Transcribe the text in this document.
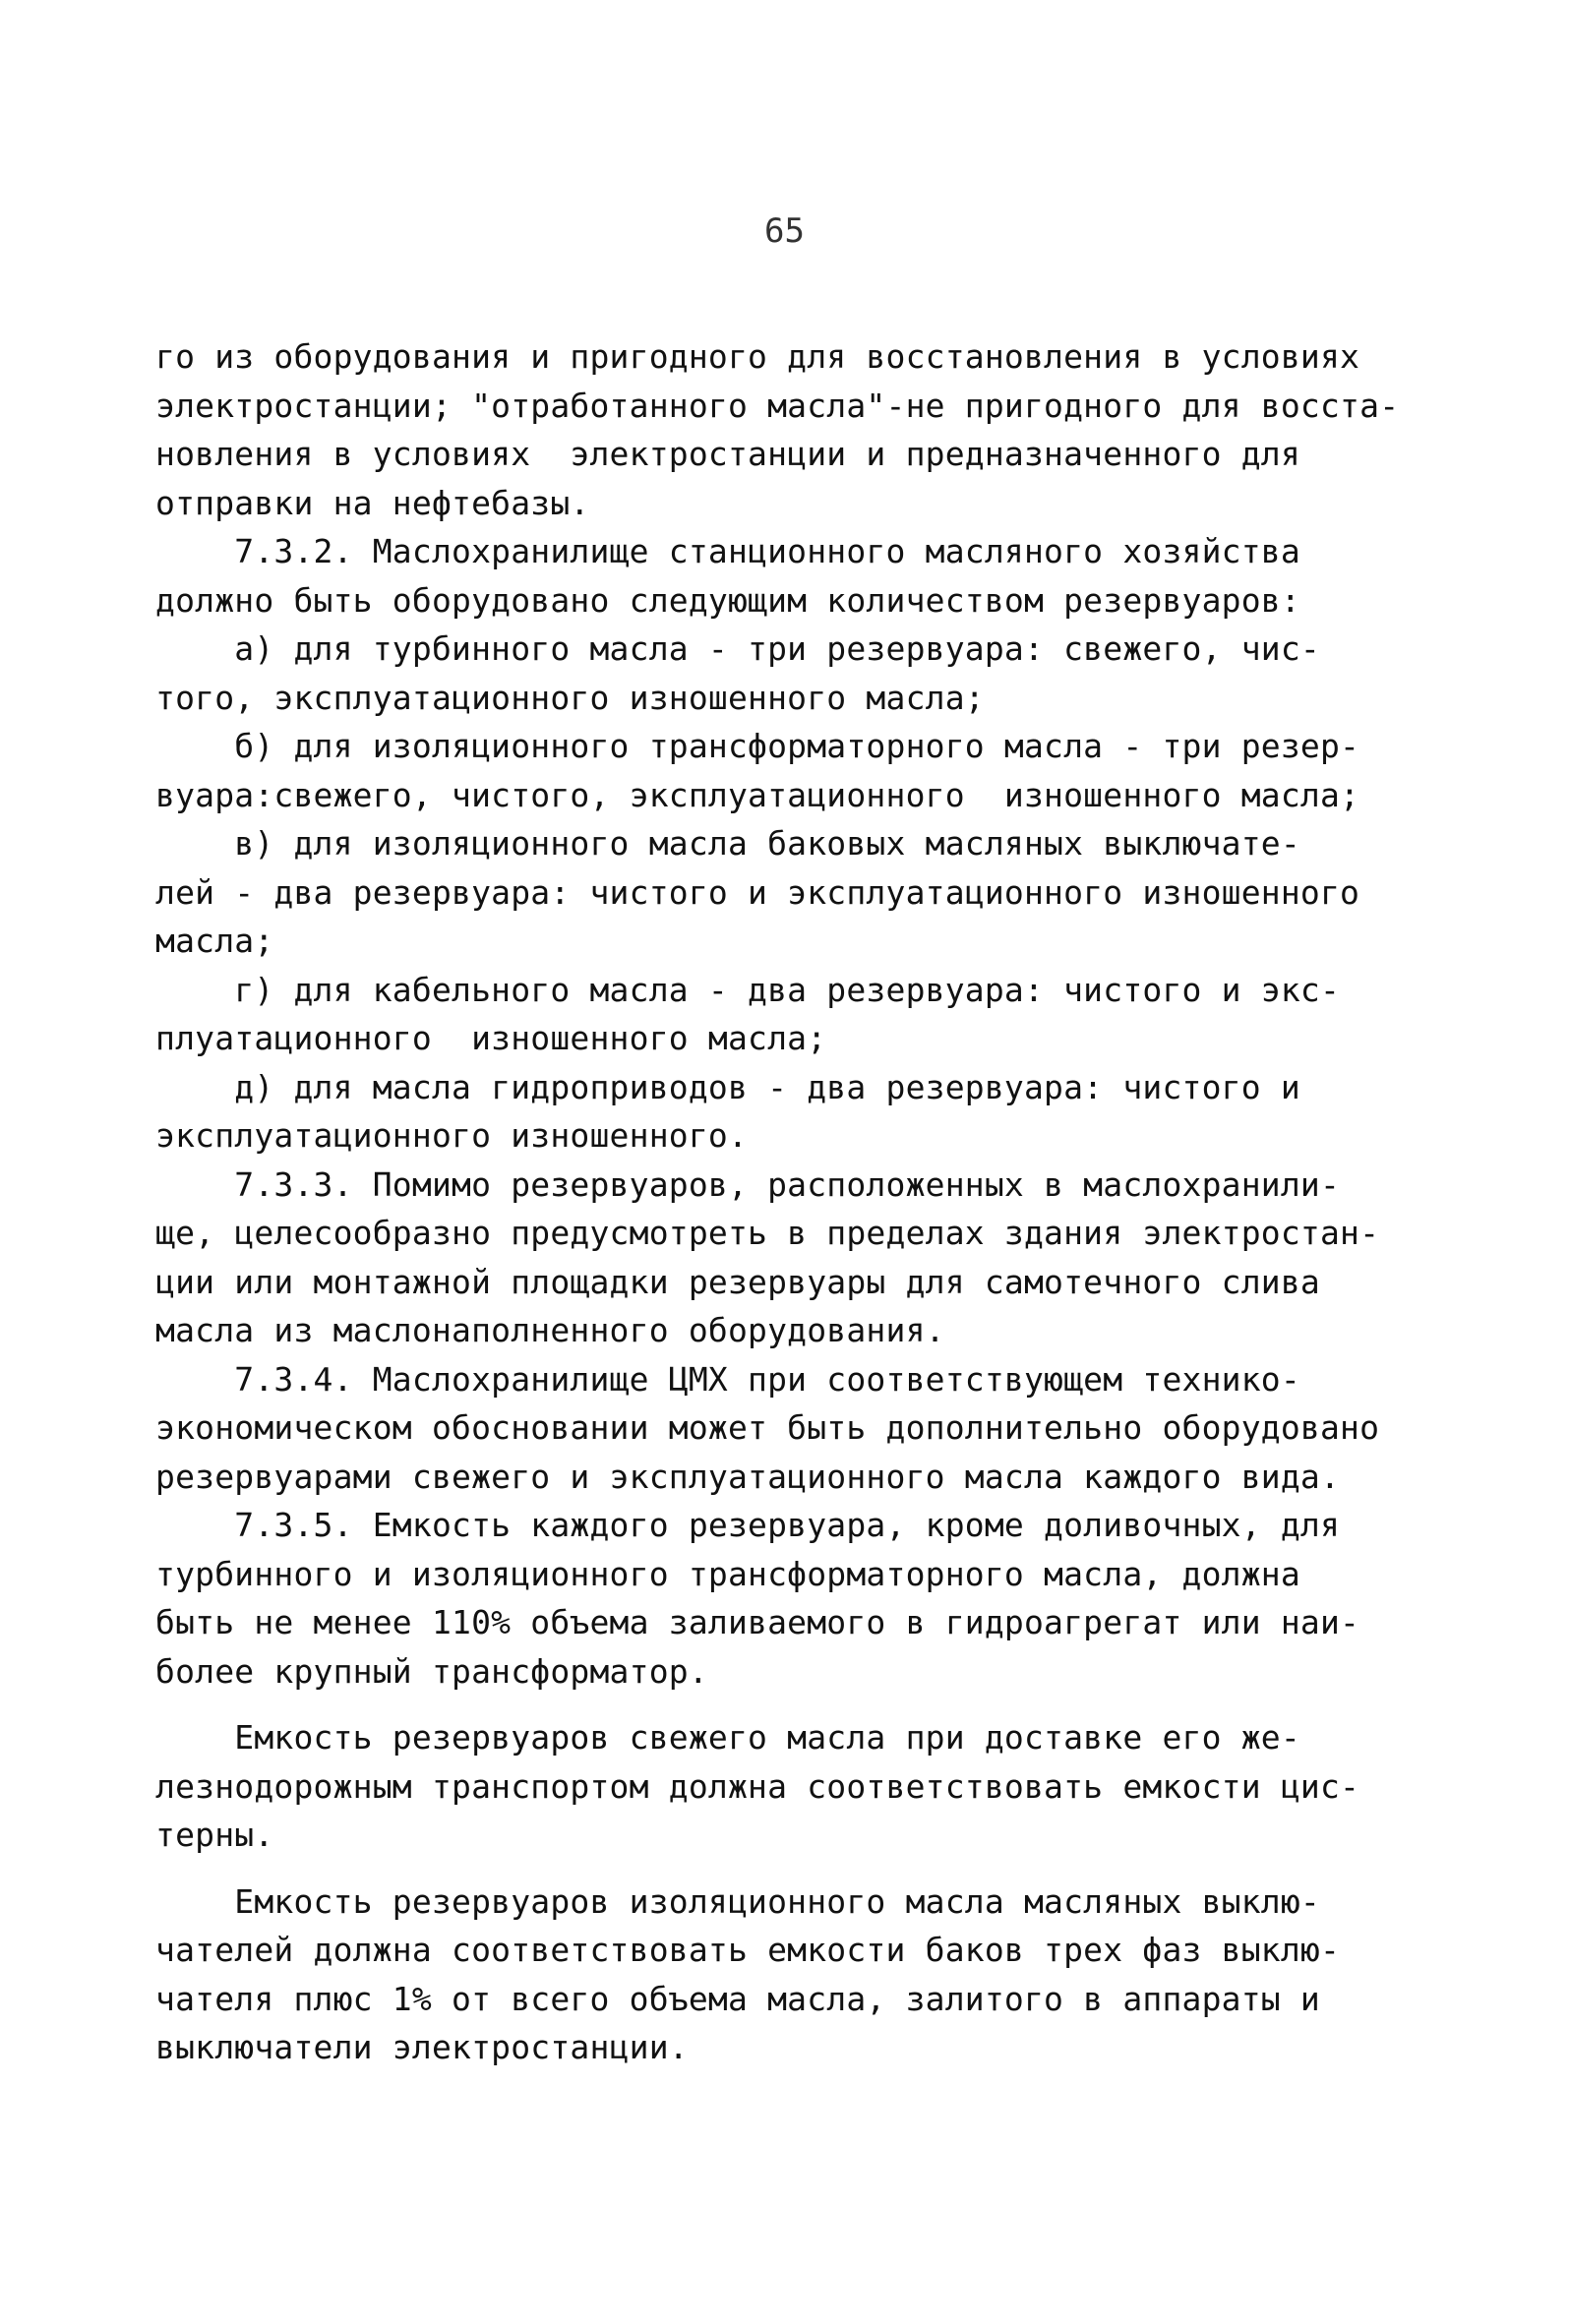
65
го из оборудования и пригодного для восстановления в условиях
электростанции; "отработанного масла"-не пригодного для восста-
новления в условиях  электростанции и предназначенного для
отправки на нефтебазы.
7.3.2. Маслохранилище станционного масляного хозяйства
должно быть оборудовано следующим количеством резервуаров:
а) для турбинного масла - три резервуара: свежего, чис-
того, эксплуатационного изношенного масла;
б) для изоляционного трансформаторного масла - три резер-
вуара:свежего, чистого, эксплуатационного  изношенного масла;
в) для изоляционного масла баковых масляных выключате-
лей - два резервуара: чистого и эксплуатационного изношенного
масла;
г) для кабельного масла - два резервуара: чистого и экс-
плуатационного  изношенного масла;
д) для масла гидроприводов - два резервуара: чистого и
эксплуатационного изношенного.
7.3.3. Помимо резервуаров, расположенных в маслохранили-
ще, целесообразно предусмотреть в пределах здания электростан-
ции или монтажной площадки резервуары для самотечного слива
масла из маслонаполненного оборудования.
7.3.4. Маслохранилище ЦМХ при соответствующем технико-
экономическом обосновании может быть дополнительно оборудовано
резервуарами свежего и эксплуатационного масла каждого вида.
7.3.5. Емкость каждого резервуара, кроме доливочных, для
турбинного и изоляционного трансформаторного масла, должна
быть не менее 110% объема заливаемого в гидроагрегат или наи-
более крупный трансформатор.
Емкость резервуаров свежего масла при доставке его же-
лезнодорожным транспортом должна соответствовать емкости цис-
терны.
Емкость резервуаров изоляционного масла масляных выклю-
чателей должна соответствовать емкости баков трех фаз выклю-
чателя плюс 1% от всего объема масла, залитого в аппараты и
выключатели электростанции.
